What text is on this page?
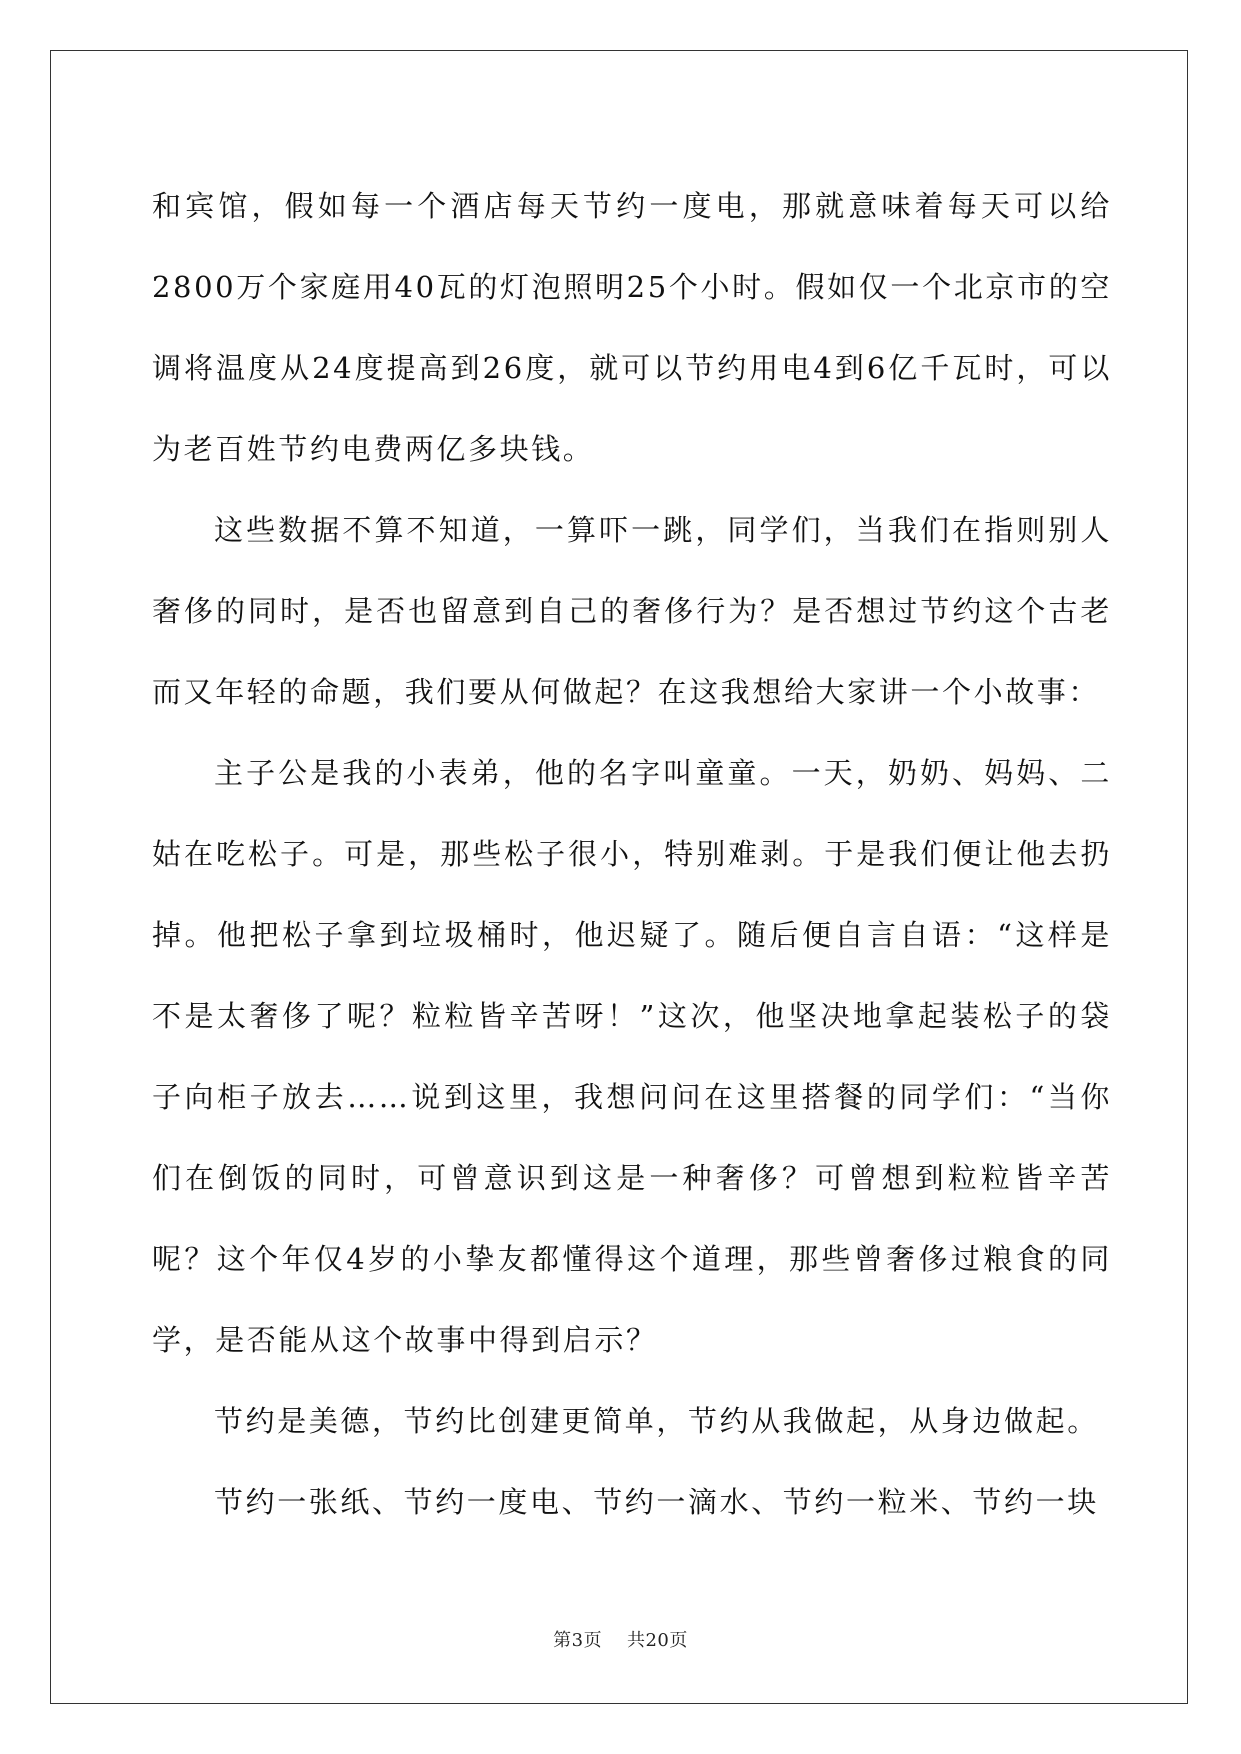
和宾馆，假如每一个酒店每天节约一度电，那就意味着每天可以给2800万个家庭用40瓦的灯泡照明25个小时。假如仅一个北京市的空调将温度从24度提高到26度，就可以节约用电4到6亿千瓦时，可以为老百姓节约电费两亿多块钱。

这些数据不算不知道，一算吓一跳，同学们，当我们在指则别人奢侈的同时，是否也留意到自己的奢侈行为？是否想过节约这个古老而又年轻的命题，我们要从何做起？在这我想给大家讲一个小故事：

主子公是我的小表弟，他的名字叫童童。一天，奶奶、妈妈、二姑在吃松子。可是，那些松子很小，特别难剥。于是我们便让他去扔掉。他把松子拿到垃圾桶时，他迟疑了。随后便自言自语：“这样是不是太奢侈了呢？粒粒皆辛苦呀！”这次，他坚决地拿起装松子的袋子向柜子放去……说到这里，我想问问在这里搭餐的同学们：“当你们在倒饭的同时，可曾意识到这是一种奢侈？可曾想到粒粒皆辛苦呢？这个年仅4岁的小挚友都懂得这个道理，那些曾奢侈过粮食的同学，是否能从这个故事中得到启示？

节约是美德，节约比创建更简单，节约从我做起，从身边做起。

节约一张纸、节约一度电、节约一滴水、节约一粒米、节约一块

第3页 共20页
